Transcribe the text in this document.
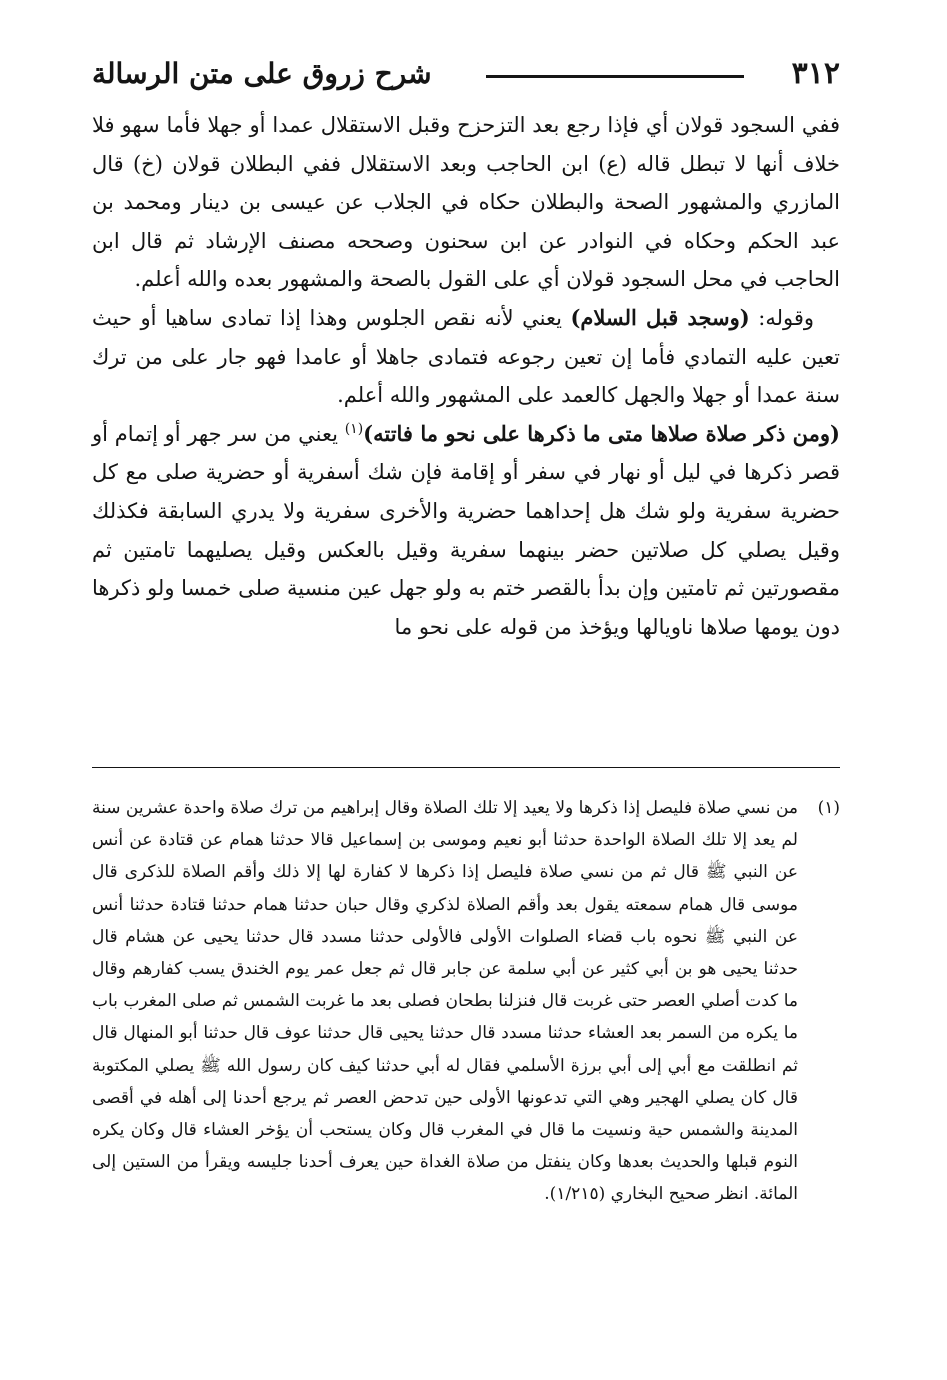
٣١٢
شرح زروق على متن الرسالة

ففي السجود قولان أي فإذا رجع بعد التزحزح وقبل الاستقلال عمدا أو جهلا فأما سهو فلا خلاف أنها لا تبطل قاله (ع) ابن الحاجب وبعد الاستقلال ففي البطلان قولان (خ) قال المازري والمشهور الصحة والبطلان حكاه في الجلاب عن عيسى بن دينار ومحمد بن عبد الحكم وحكاه في النوادر عن ابن سحنون وصححه مصنف الإرشاد ثم قال ابن الحاجب في محل السجود قولان أي على القول بالصحة والمشهور بعده والله أعلم.

وقوله: (وسجد قبل السلام) يعني لأنه نقص الجلوس وهذا إذا تمادى ساهيا أو حيث تعين عليه التمادي فأما إن تعين رجوعه فتمادى جاهلا أو عامدا فهو جار على من ترك سنة عمدا أو جهلا والجهل كالعمد على المشهور والله أعلم.

(ومن ذكر صلاة صلاها متى ما ذكرها على نحو ما فاتته)$^{(١)}$ يعني من سر جهر أو إتمام أو قصر ذكرها في ليل أو نهار في سفر أو إقامة فإن شك أسفرية أو حضرية صلى مع كل حضرية سفرية ولو شك هل إحداهما حضرية والأخرى سفرية ولا يدري السابقة فكذلك وقيل يصلي كل صلاتين حضر بينهما سفرية وقيل بالعكس وقيل يصليهما تامتين ثم مقصورتين ثم تامتين وإن بدأ بالقصر ختم به ولو جهل عين منسية صلى خمسا ولو ذكرها دون يومها صلاها ناويالها ويؤخذ من قوله على نحو ما

(١)
من نسي صلاة فليصل إذا ذكرها ولا يعيد إلا تلك الصلاة وقال إبراهيم من ترك صلاة واحدة عشرين سنة لم يعد إلا تلك الصلاة الواحدة حدثنا أبو نعيم وموسى بن إسماعيل قالا حدثنا همام عن قتادة عن أنس عن النبي ﷺ قال ثم من نسي صلاة فليصل إذا ذكرها لا كفارة لها إلا ذلك وأقم الصلاة للذكرى قال موسى قال همام سمعته يقول بعد وأقم الصلاة لذكري وقال حبان حدثنا همام حدثنا قتادة حدثنا أنس عن النبي ﷺ نحوه باب قضاء الصلوات الأولى فالأولى حدثنا مسدد قال حدثنا يحيى عن هشام قال حدثنا يحيى هو بن أبي كثير عن أبي سلمة عن جابر قال ثم جعل عمر يوم الخندق يسب كفارهم وقال ما كدت أصلي العصر حتى غربت قال فنزلنا بطحان فصلى بعد ما غربت الشمس ثم صلى المغرب باب ما يكره من السمر بعد العشاء حدثنا مسدد قال حدثنا يحيى قال حدثنا عوف قال حدثنا أبو المنهال قال ثم انطلقت مع أبي إلى أبي برزة الأسلمي فقال له أبي حدثنا كيف كان رسول الله ﷺ يصلي المكتوبة قال كان يصلي الهجير وهي التي تدعونها الأولى حين تدحض العصر ثم يرجع أحدنا إلى أهله في أقصى المدينة والشمس حية ونسيت ما قال في المغرب قال وكان يستحب أن يؤخر العشاء قال وكان يكره النوم قبلها والحديث بعدها وكان ينفتل من صلاة الغداة حين يعرف أحدنا جليسه ويقرأ من الستين إلى المائة. انظر صحيح البخاري (١/٢١٥).
